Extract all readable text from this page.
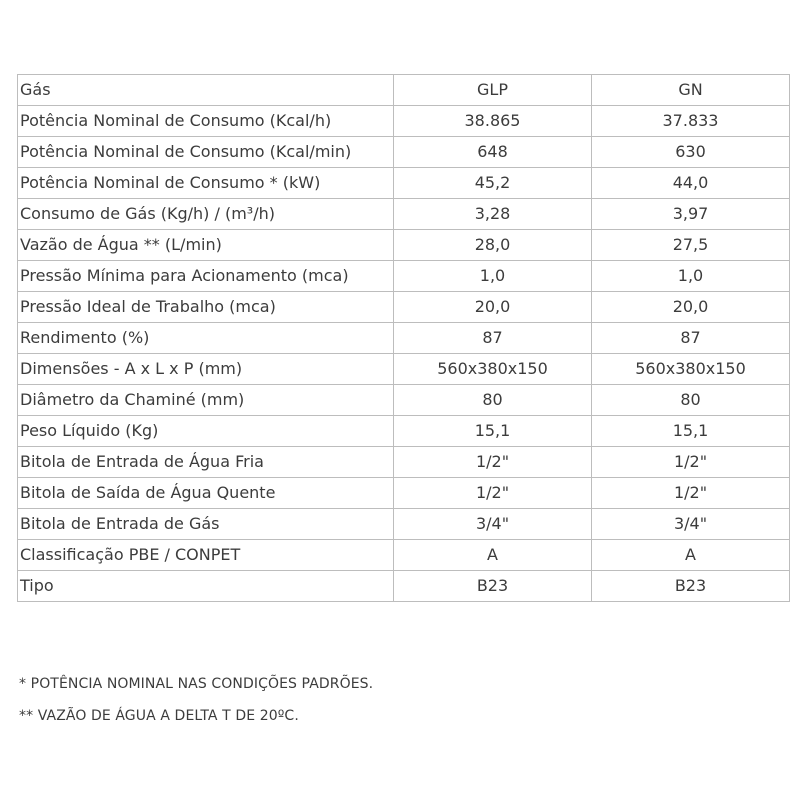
Gás	GLP	GN
Potência Nominal de Consumo (Kcal/h)	38.865	37.833
Potência Nominal de Consumo (Kcal/min)	648	630
Potência Nominal de Consumo * (kW)	45,2	44,0
Consumo de Gás (Kg/h) / (m³/h)	3,28	3,97
Vazão de Água ** (L/min)	28,0	27,5
Pressão Mínima para Acionamento (mca)	1,0	1,0
Pressão Ideal de Trabalho (mca)	20,0	20,0
Rendimento (%)	87	87
Dimensões - A x L x P (mm)	560x380x150	560x380x150
Diâmetro da Chaminé (mm)	80	80
Peso Líquido (Kg)	15,1	15,1
Bitola de Entrada de Água Fria	1/2"	1/2"
Bitola de Saída de Água Quente	1/2"	1/2"
Bitola de Entrada de Gás	3/4"	3/4"
Classificação PBE / CONPET	A	A
Tipo	B23	B23
* POTÊNCIA NOMINAL NAS CONDIÇÕES PADRÕES.
** VAZÃO DE ÁGUA A DELTA T DE 20ºC.
